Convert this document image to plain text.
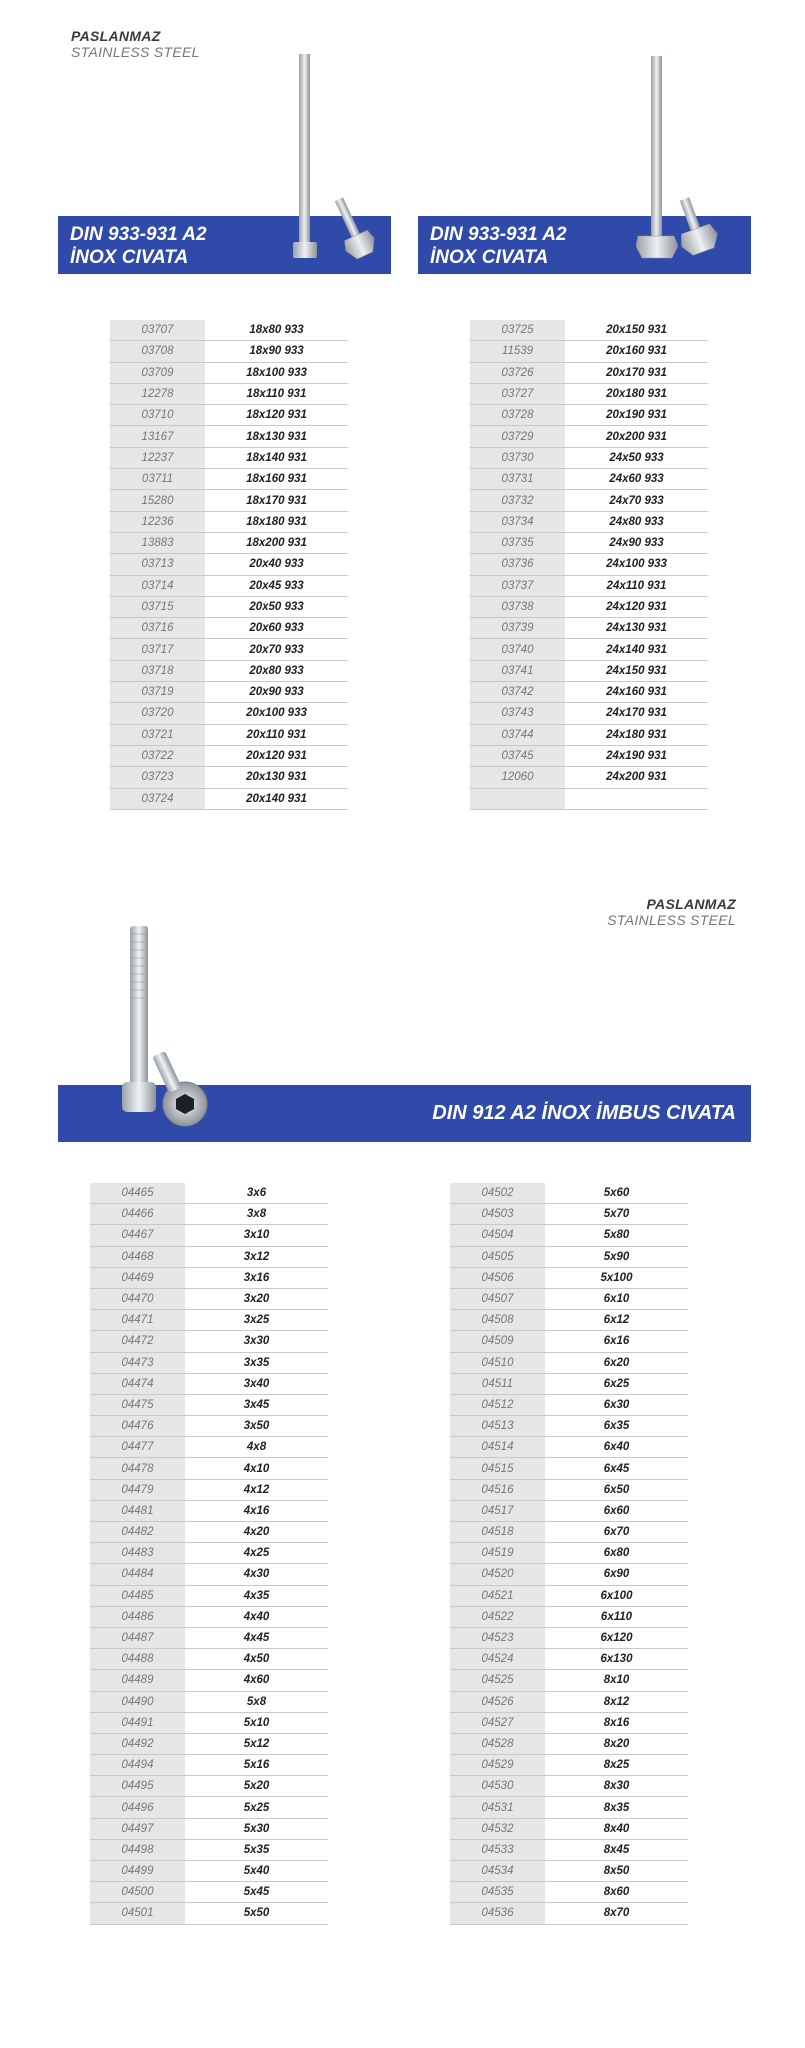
PASLANMAZ
STAINLESS STEEL
DIN 933-931 A2
İNOX CIVATA
DIN 933-931 A2
İNOX CIVATA
03707	18x80 933
03708	18x90 933
03709	18x100 933
12278	18x110 931
03710	18x120 931
13167	18x130 931
12237	18x140 931
03711	18x160 931
15280	18x170 931
12236	18x180 931
13883	18x200 931
03713	20x40 933
03714	20x45 933
03715	20x50 933
03716	20x60 933
03717	20x70 933
03718	20x80 933
03719	20x90 933
03720	20x100 933
03721	20x110 931
03722	20x120 931
03723	20x130 931
03724	20x140 931
03725	20x150 931
11539	20x160 931
03726	20x170 931
03727	20x180 931
03728	20x190 931
03729	20x200 931
03730	24x50 933
03731	24x60 933
03732	24x70 933
03734	24x80 933
03735	24x90 933
03736	24x100 933
03737	24x110 931
03738	24x120 931
03739	24x130 931
03740	24x140 931
03741	24x150 931
03742	24x160 931
03743	24x170 931
03744	24x180 931
03745	24x190 931
12060	24x200 931

PASLANMAZ
STAINLESS STEEL
DIN 912 A2 İNOX İMBUS CIVATA
04465	3x6
04466	3x8
04467	3x10
04468	3x12
04469	3x16
04470	3x20
04471	3x25
04472	3x30
04473	3x35
04474	3x40
04475	3x45
04476	3x50
04477	4x8
04478	4x10
04479	4x12
04481	4x16
04482	4x20
04483	4x25
04484	4x30
04485	4x35
04486	4x40
04487	4x45
04488	4x50
04489	4x60
04490	5x8
04491	5x10
04492	5x12
04494	5x16
04495	5x20
04496	5x25
04497	5x30
04498	5x35
04499	5x40
04500	5x45
04501	5x50
04502	5x60
04503	5x70
04504	5x80
04505	5x90
04506	5x100
04507	6x10
04508	6x12
04509	6x16
04510	6x20
04511	6x25
04512	6x30
04513	6x35
04514	6x40
04515	6x45
04516	6x50
04517	6x60
04518	6x70
04519	6x80
04520	6x90
04521	6x100
04522	6x110
04523	6x120
04524	6x130
04525	8x10
04526	8x12
04527	8x16
04528	8x20
04529	8x25
04530	8x30
04531	8x35
04532	8x40
04533	8x45
04534	8x50
04535	8x60
04536	8x70
